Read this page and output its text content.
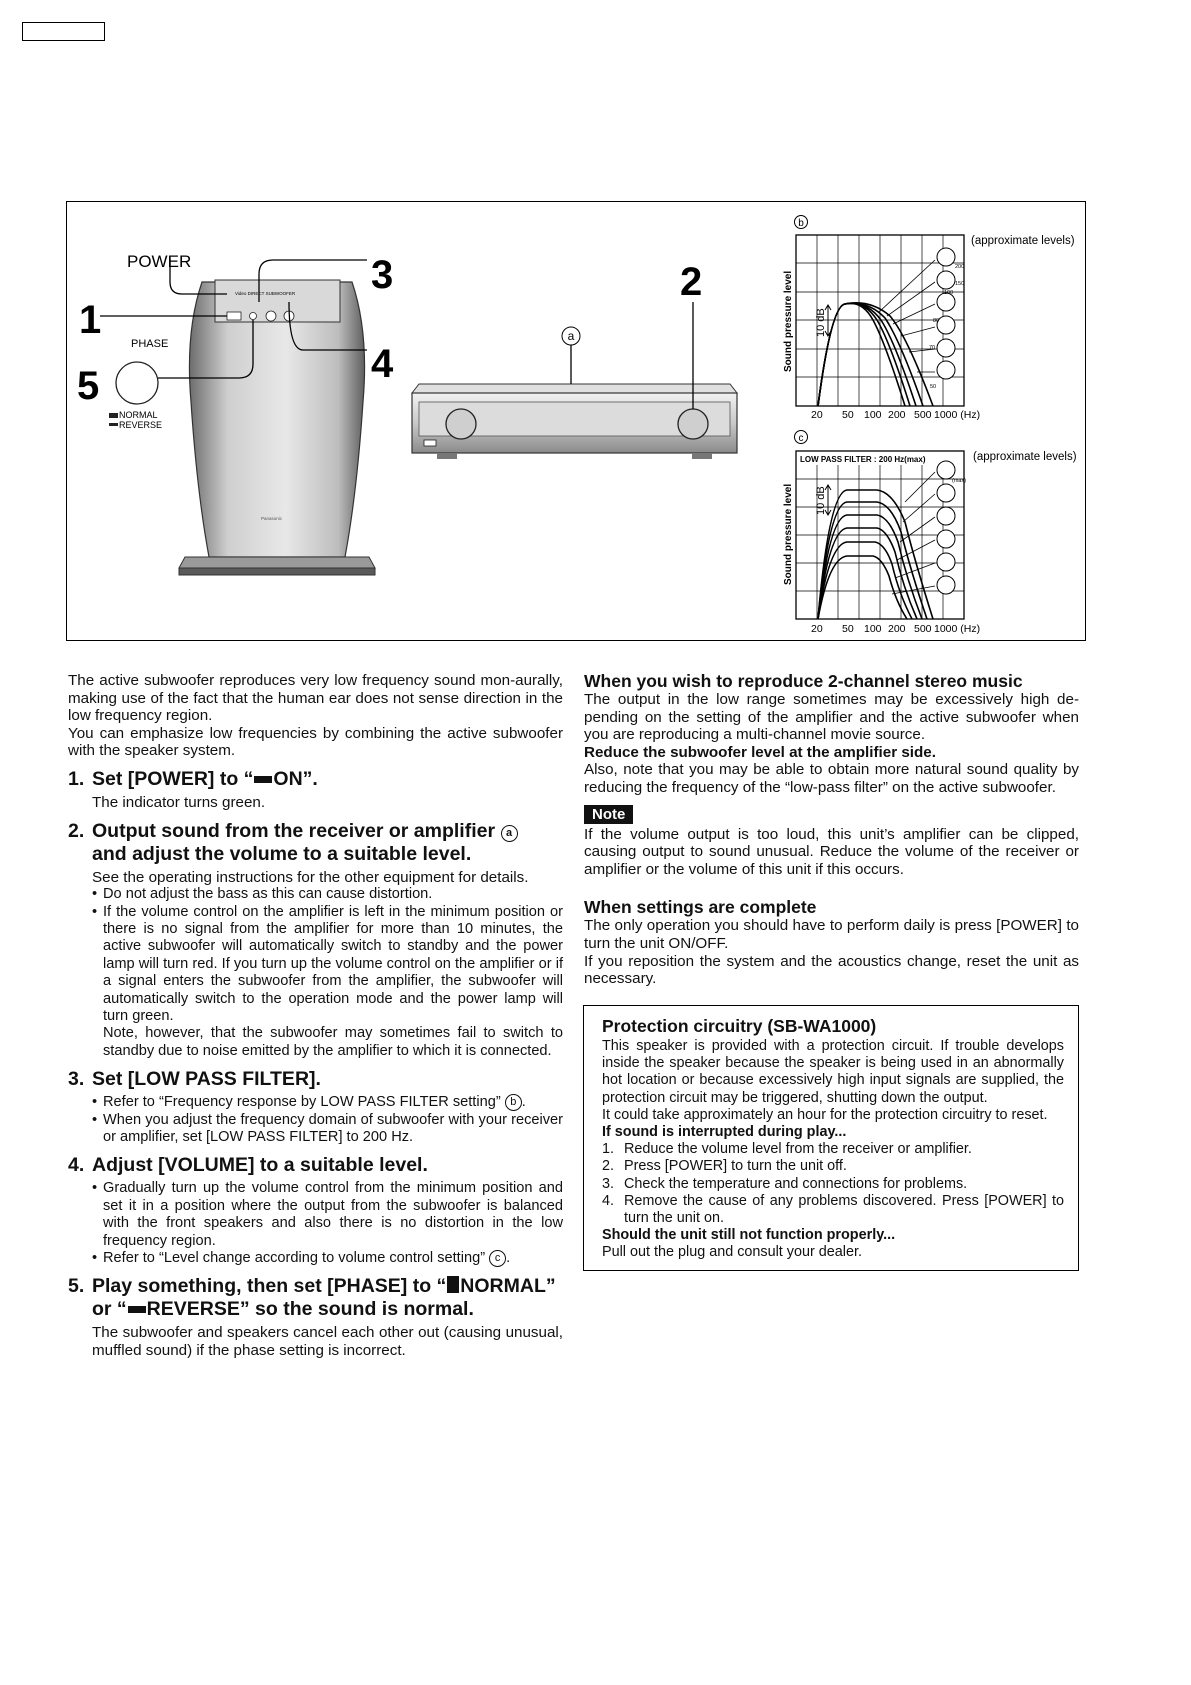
Video DIRECT SUBWOOFER
Panasonic
POWER
1
PHASE
3
4
5
NORMAL
REVERSE
a
2
b
(approximate levels)
200
150
100
80
70
50
Sound pressure level 10 dB
20 50 100 200 500 1000 (Hz)
c
(approximate levels)
LOW PASS FILTER : 200 Hz(max)
(max)
Sound pressure level 10 dB
20 50 100 200 500 1000 (Hz)

The active subwoofer reproduces very low frequency sound mon-aurally, making use of the fact that the human ear does not sense direction in the low frequency region.

You can emphasize low frequencies by combining the active subwoofer with the speaker system.

1. Set [POWER] to “ ON”.

The indicator turns green.

2. Output sound from the receiver or amplifier a
and adjust the volume to a suitable level.

See the operating instructions for the other equipment for details.

• Do not adjust the bass as this can cause distortion.
• If the volume control on the amplifier is left in the minimum position or there is no signal from the amplifier for more than 10 minutes, the active subwoofer will automatically switch to standby and the power lamp will turn red. If you turn up the volume control on the amplifier or if a signal enters the subwoofer from the amplifier, the subwoofer will automatically switch to the operation mode and the power lamp will turn green.

Note, however, that the subwoofer may sometimes fail to switch to standby due to noise emitted by the amplifier to which it is connected.

3. Set [LOW PASS FILTER].
• Refer to “Frequency response by LOW PASS FILTER setting” b .
• When you adjust the frequency domain of subwoofer with your receiver or amplifier, set [LOW PASS FILTER] to 200 Hz.
4. Adjust [VOLUME] to a suitable level.
• Gradually turn up the volume control from the minimum position and set it in a position where the output from the subwoofer is balanced with the front speakers and also there is no distortion in the low frequency region.
• Refer to “Level change according to volume control setting” c .
5. Play something, then set [PHASE] to “ NORMAL”
or “ REVERSE” so the sound is normal.

The subwoofer and speakers cancel each other out (causing unusual, muffled sound) if the phase setting is incorrect.

When you wish to reproduce 2-channel stereo music

The output in the low range sometimes may be excessively high de-pending on the setting of the amplifier and the active subwoofer when you are reproducing a multi-channel movie source.

Reduce the subwoofer level at the amplifier side.

Also, note that you may be able to obtain more natural sound quality by reducing the frequency of the “low-pass filter” on the active subwoofer.

Note

If the volume output is too loud, this unit’s amplifier can be clipped, causing output to sound unusual. Reduce the volume of the receiver or amplifier or the volume of this unit if this occurs.

When settings are complete

The only operation you should have to perform daily is press [POWER] to turn the unit ON/OFF.

If you reposition the system and the acoustics change, reset the unit as necessary.

Protection circuitry (SB-WA1000)

This speaker is provided with a protection circuit. If trouble develops inside the speaker because the speaker is being used in an abnormally hot location or because excessively high input signals are supplied, the protection circuit may be triggered, shutting down the output.

It could take approximately an hour for the protection circuitry to reset.

If sound is interrupted during play...

1. Reduce the volume level from the receiver or amplifier.
2. Press [POWER] to turn the unit off.
3. Check the temperature and connections for problems.
4. Remove the cause of any problems discovered. Press [POWER] to turn the unit on.

Should the unit still not function properly...

Pull out the plug and consult your dealer.
